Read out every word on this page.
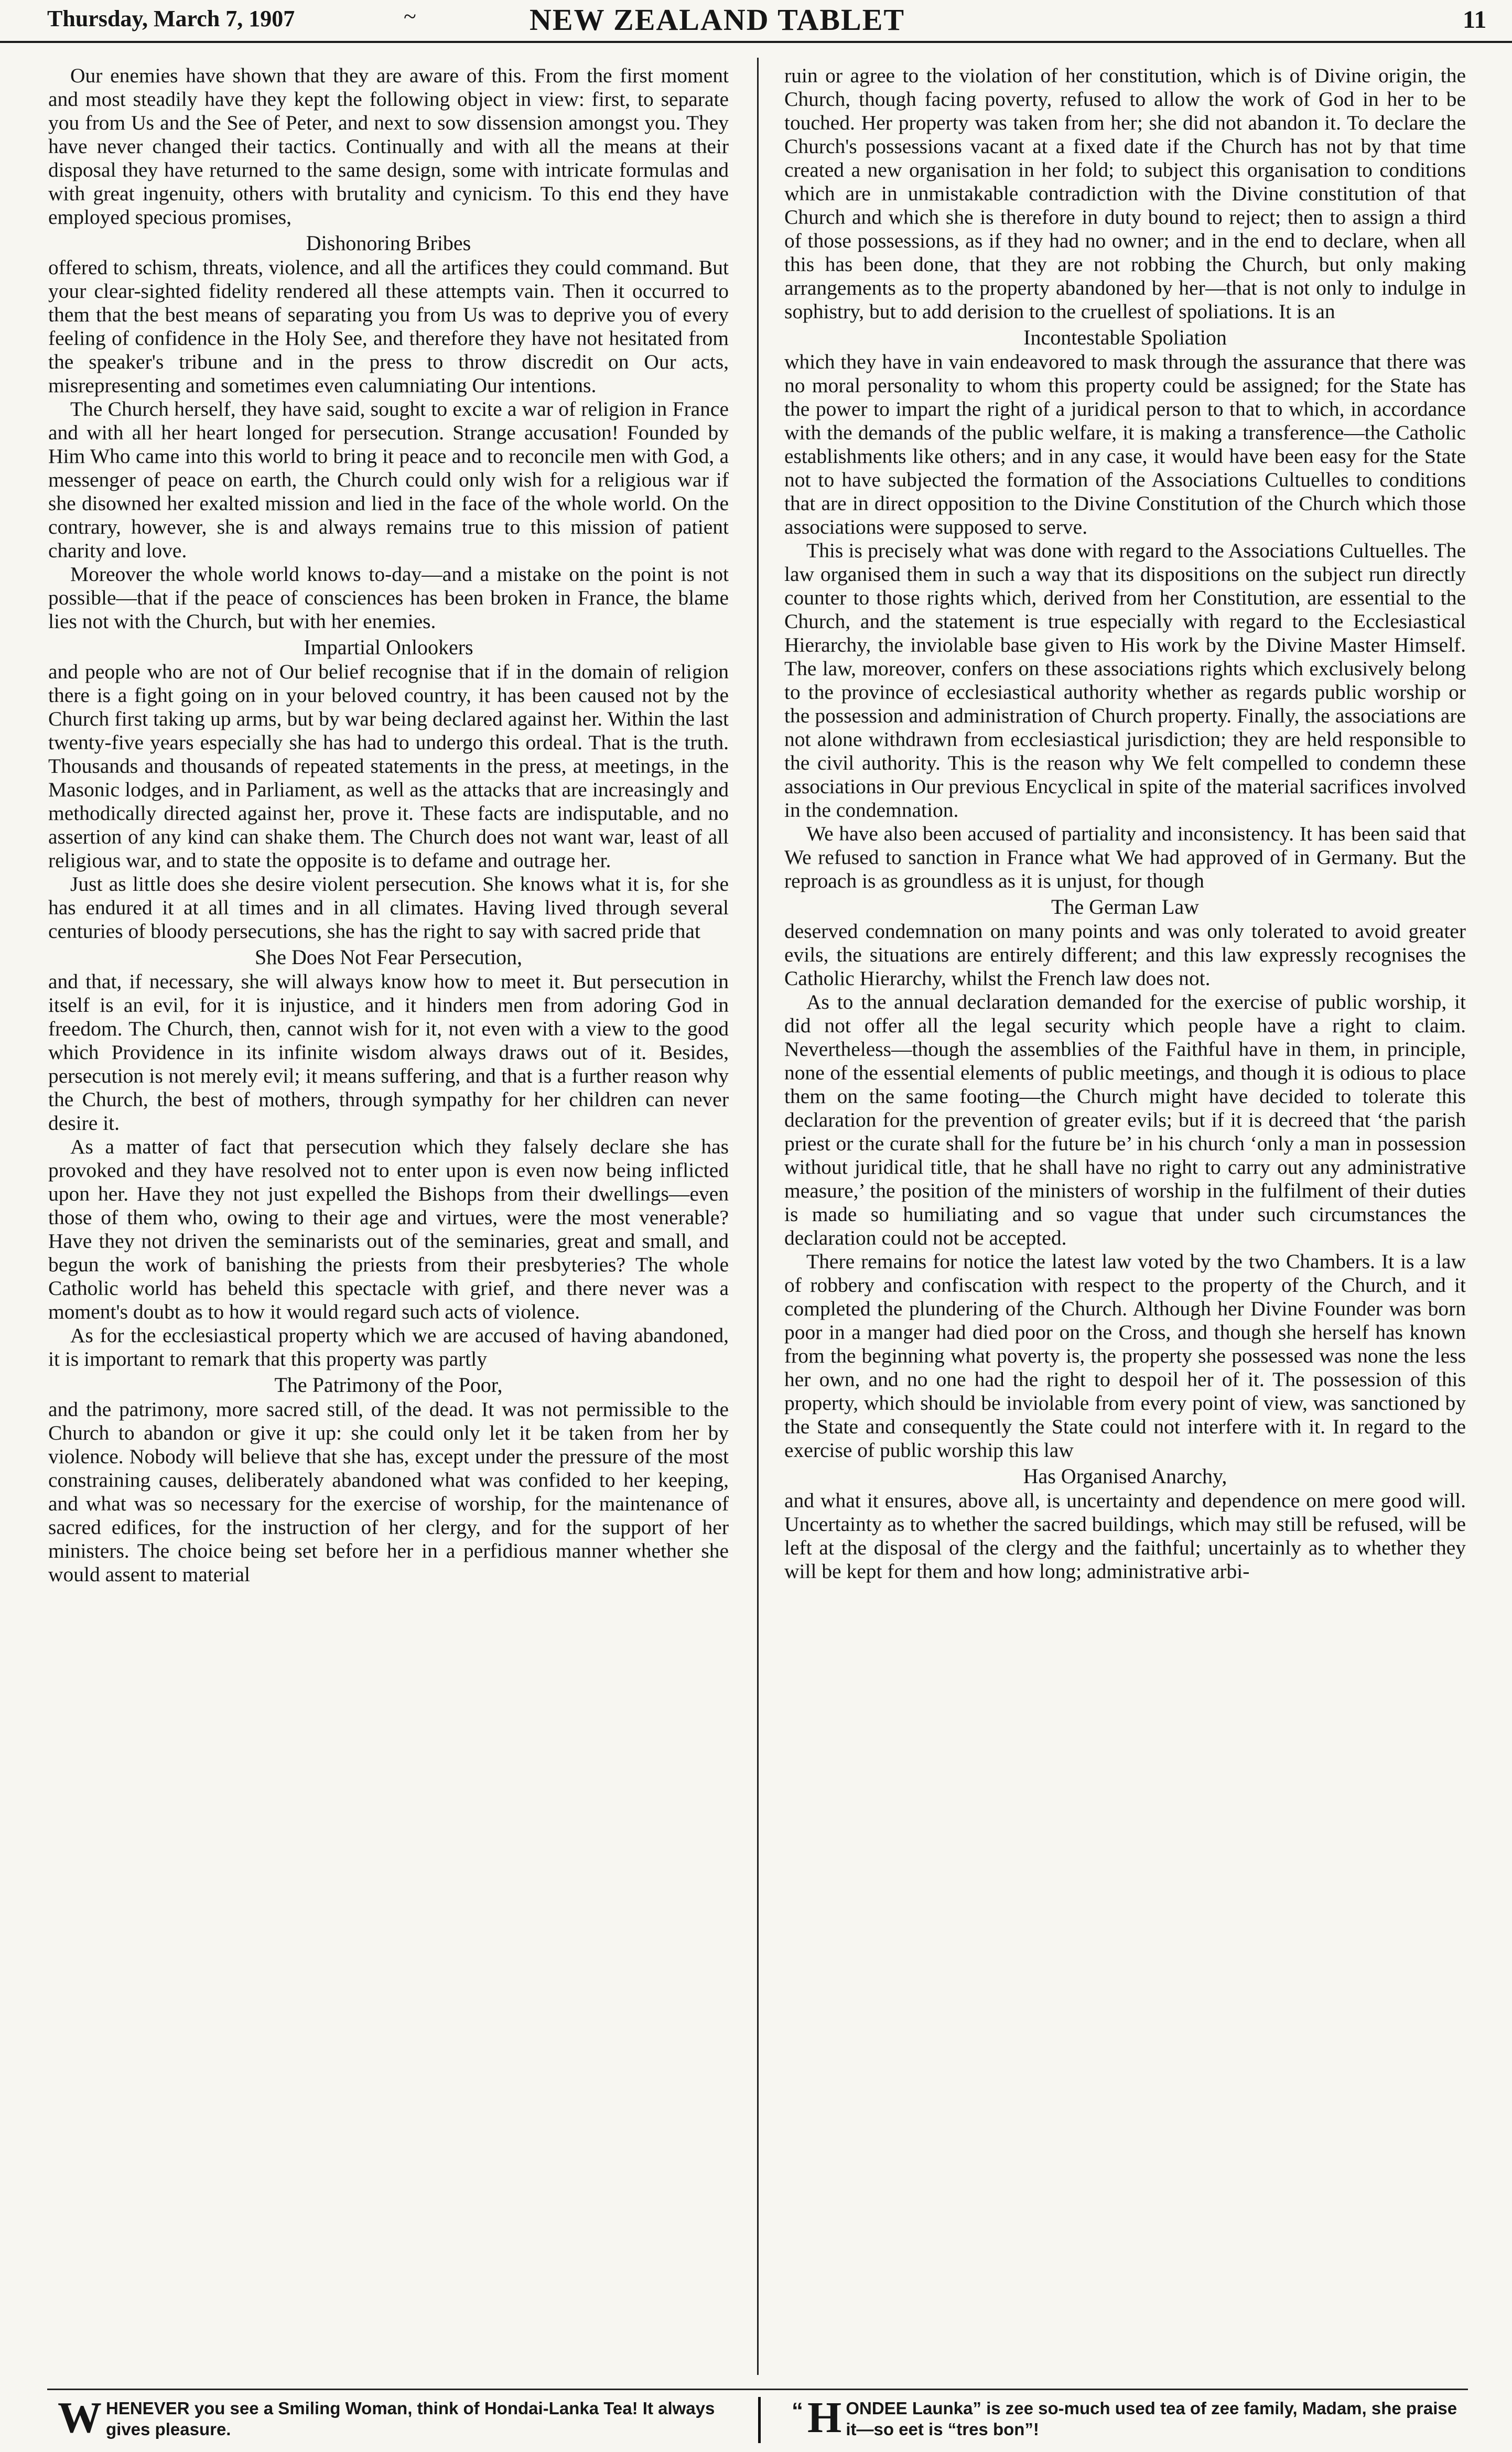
Thursday, March 7, 1907	~	NEW ZEALAND TABLET	11

Our enemies have shown that they are aware of this. From the first moment and most steadily have they kept the following object in view: first, to separate you from Us and the See of Peter, and next to sow dissension amongst you. They have never changed their tactics. Continually and with all the means at their disposal they have returned to the same design, some with intricate formulas and with great ingenuity, others with brutality and cynicism. To this end they have employed specious promises,

Dishonoring Bribes

offered to schism, threats, violence, and all the artifices they could command. But your clear-sighted fidelity rendered all these attempts vain. Then it occurred to them that the best means of separating you from Us was to deprive you of every feeling of confidence in the Holy See, and therefore they have not hesitated from the speaker's tribune and in the press to throw discredit on Our acts, misrepresenting and sometimes even calumniating Our intentions.

The Church herself, they have said, sought to excite a war of religion in France and with all her heart longed for persecution. Strange accusation! Founded by Him Who came into this world to bring it peace and to reconcile men with God, a messenger of peace on earth, the Church could only wish for a religious war if she disowned her exalted mission and lied in the face of the whole world. On the contrary, however, she is and always remains true to this mission of patient charity and love.

Moreover the whole world knows to-day—and a mistake on the point is not possible—that if the peace of consciences has been broken in France, the blame lies not with the Church, but with her enemies.

Impartial Onlookers

and people who are not of Our belief recognise that if in the domain of religion there is a fight going on in your beloved country, it has been caused not by the Church first taking up arms, but by war being declared against her. Within the last twenty-five years especially she has had to undergo this ordeal. That is the truth. Thousands and thousands of repeated statements in the press, at meetings, in the Masonic lodges, and in Parliament, as well as the attacks that are increasingly and methodically directed against her, prove it. These facts are indisputable, and no assertion of any kind can shake them. The Church does not want war, least of all religious war, and to state the opposite is to defame and outrage her.

Just as little does she desire violent persecution. She knows what it is, for she has endured it at all times and in all climates. Having lived through several centuries of bloody persecutions, she has the right to say with sacred pride that

She Does Not Fear Persecution,

and that, if necessary, she will always know how to meet it. But persecution in itself is an evil, for it is injustice, and it hinders men from adoring God in freedom. The Church, then, cannot wish for it, not even with a view to the good which Providence in its infinite wisdom always draws out of it. Besides, persecution is not merely evil; it means suffering, and that is a further reason why the Church, the best of mothers, through sympathy for her children can never desire it.

As a matter of fact that persecution which they falsely declare she has provoked and they have resolved not to enter upon is even now being inflicted upon her. Have they not just expelled the Bishops from their dwellings—even those of them who, owing to their age and virtues, were the most venerable? Have they not driven the seminarists out of the seminaries, great and small, and begun the work of banishing the priests from their presbyteries? The whole Catholic world has beheld this spectacle with grief, and there never was a moment's doubt as to how it would regard such acts of violence.

As for the ecclesiastical property which we are accused of having abandoned, it is important to remark that this property was partly

The Patrimony of the Poor,

and the patrimony, more sacred still, of the dead. It was not permissible to the Church to abandon or give it up: she could only let it be taken from her by violence. Nobody will believe that she has, except under the pressure of the most constraining causes, deliberately abandoned what was confided to her keeping, and what was so necessary for the exercise of worship, for the maintenance of sacred edifices, for the instruction of her clergy, and for the support of her ministers. The choice being set before her in a perfidious manner whether she would assent to material

ruin or agree to the violation of her constitution, which is of Divine origin, the Church, though facing poverty, refused to allow the work of God in her to be touched. Her property was taken from her; she did not abandon it. To declare the Church's possessions vacant at a fixed date if the Church has not by that time created a new organisation in her fold; to subject this organisation to conditions which are in unmistakable contradiction with the Divine constitution of that Church and which she is therefore in duty bound to reject; then to assign a third of those possessions, as if they had no owner; and in the end to declare, when all this has been done, that they are not robbing the Church, but only making arrangements as to the property abandoned by her—that is not only to indulge in sophistry, but to add derision to the cruellest of spoliations. It is an

Incontestable Spoliation

which they have in vain endeavored to mask through the assurance that there was no moral personality to whom this property could be assigned; for the State has the power to impart the right of a juridical person to that to which, in accordance with the demands of the public welfare, it is making a transference—the Catholic establishments like others; and in any case, it would have been easy for the State not to have subjected the formation of the Associations Cultuelles to conditions that are in direct opposition to the Divine Constitution of the Church which those associations were supposed to serve.

This is precisely what was done with regard to the Associations Cultuelles. The law organised them in such a way that its dispositions on the subject run directly counter to those rights which, derived from her Constitution, are essential to the Church, and the statement is true especially with regard to the Ecclesiastical Hierarchy, the inviolable base given to His work by the Divine Master Himself. The law, moreover, confers on these associations rights which exclusively belong to the province of ecclesiastical authority whether as regards public worship or the possession and administration of Church property. Finally, the associations are not alone withdrawn from ecclesiastical jurisdiction; they are held responsible to the civil authority. This is the reason why We felt compelled to condemn these associations in Our previous Encyclical in spite of the material sacrifices involved in the condemnation.

We have also been accused of partiality and inconsistency. It has been said that We refused to sanction in France what We had approved of in Germany. But the reproach is as groundless as it is unjust, for though

The German Law

deserved condemnation on many points and was only tolerated to avoid greater evils, the situations are entirely different; and this law expressly recognises the Catholic Hierarchy, whilst the French law does not.

As to the annual declaration demanded for the exercise of public worship, it did not offer all the legal security which people have a right to claim. Nevertheless—though the assemblies of the Faithful have in them, in principle, none of the essential elements of public meetings, and though it is odious to place them on the same footing—the Church might have decided to tolerate this declaration for the prevention of greater evils; but if it is decreed that ‘the parish priest or the curate shall for the future be’ in his church ‘only a man in possession without juridical title, that he shall have no right to carry out any administrative measure,’ the position of the ministers of worship in the fulfilment of their duties is made so humiliating and so vague that under such circumstances the declaration could not be accepted.

There remains for notice the latest law voted by the two Chambers. It is a law of robbery and confiscation with respect to the property of the Church, and it completed the plundering of the Church. Although her Divine Founder was born poor in a manger had died poor on the Cross, and though she herself has known from the beginning what poverty is, the property she possessed was none the less her own, and no one had the right to despoil her of it. The possession of this property, which should be inviolable from every point of view, was sanctioned by the State and consequently the State could not interfere with it. In regard to the exercise of public worship this law

Has Organised Anarchy,

and what it ensures, above all, is uncertainty and dependence on mere good will. Uncertainty as to whether the sacred buildings, which may still be refused, will be left at the disposal of the clergy and the faithful; uncertainly as to whether they will be kept for them and how long; administrative arbi-

W HENEVER you see a Smiling Woman, think of Hondai-Lanka Tea! It always gives pleasure.
“ H ONDEE Launka” is zee so-much used tea of zee family, Madam, she praise it—so eet is “tres bon”!
